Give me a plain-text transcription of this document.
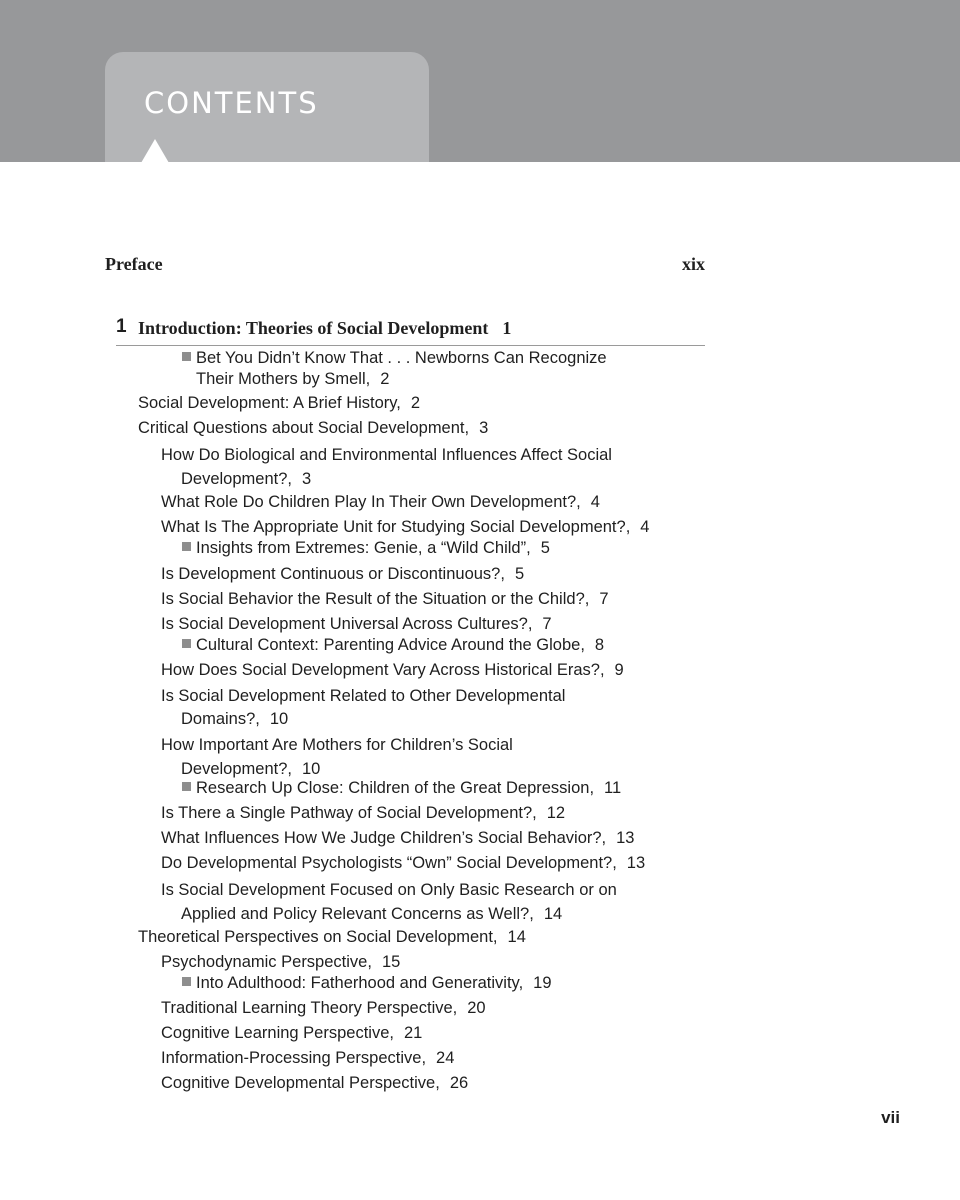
CONTENTS
Preface	xix
1 Introduction: Theories of Social Development 1
Bet You Didn’t Know That . . . Newborns Can Recognize
Their Mothers by Smell, 2
Social Development: A Brief History, 2
Critical Questions about Social Development, 3
How Do Biological and Environmental Influences Affect Social
Development?, 3
What Role Do Children Play In Their Own Development?, 4
What Is The Appropriate Unit for Studying Social Development?, 4
Insights from Extremes: Genie, a “Wild Child”, 5
Is Development Continuous or Discontinuous?, 5
Is Social Behavior the Result of the Situation or the Child?, 7
Is Social Development Universal Across Cultures?, 7
Cultural Context: Parenting Advice Around the Globe, 8
How Does Social Development Vary Across Historical Eras?, 9
Is Social Development Related to Other Developmental
Domains?, 10
How Important Are Mothers for Children’s Social
Development?, 10
Research Up Close: Children of the Great Depression, 11
Is There a Single Pathway of Social Development?, 12
What Influences How We Judge Children’s Social Behavior?, 13
Do Developmental Psychologists “Own” Social Development?, 13
Is Social Development Focused on Only Basic Research or on
Applied and Policy Relevant Concerns as Well?, 14
Theoretical Perspectives on Social Development, 14
Psychodynamic Perspective, 15
Into Adulthood: Fatherhood and Generativity, 19
Traditional Learning Theory Perspective, 20
Cognitive Learning Perspective, 21
Information-Processing Perspective, 24
Cognitive Developmental Perspective, 26
vii
